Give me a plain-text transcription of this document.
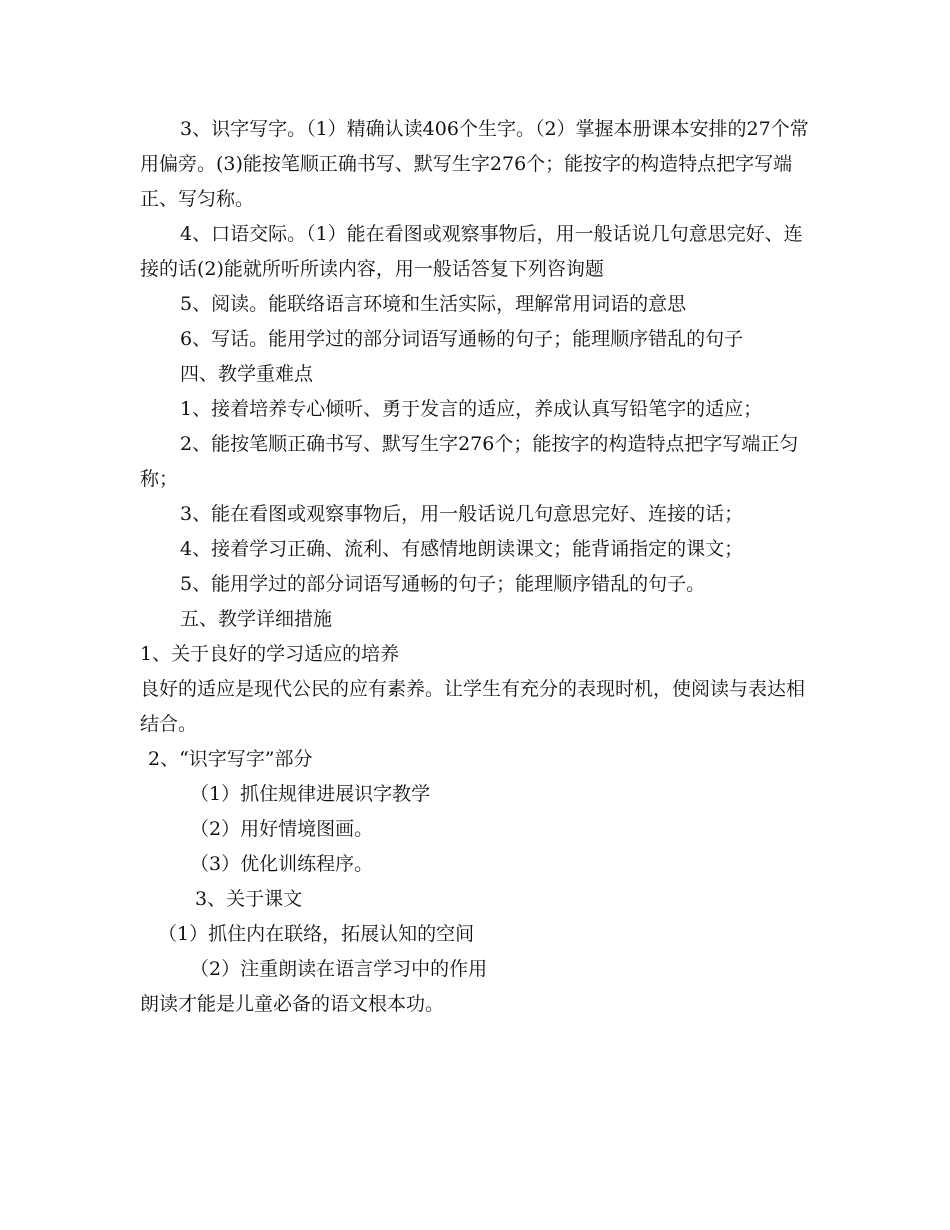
3、识字写字。（1）精确认读406个生字。（2）掌握本册课本安排的27个常用偏旁。(3)能按笔顺正确书写、默写生字276个；能按字的构造特点把字写端正、写匀称。

4、口语交际。（1）能在看图或观察事物后，用一般话说几句意思完好、连接的话(2)能就所听所读内容，用一般话答复下列咨询题

5、阅读。能联络语言环境和生活实际，理解常用词语的意思

6、写话。能用学过的部分词语写通畅的句子；能理顺序错乱的句子

四、教学重难点

1、接着培养专心倾听、勇于发言的适应，养成认真写铅笔字的适应；

2、能按笔顺正确书写、默写生字276个；能按字的构造特点把字写端正匀称；

3、能在看图或观察事物后，用一般话说几句意思完好、连接的话；

4、接着学习正确、流利、有感情地朗读课文；能背诵指定的课文；

5、能用学过的部分词语写通畅的句子；能理顺序错乱的句子。

五、教学详细措施

1、关于良好的学习适应的培养

良好的适应是现代公民的应有素养。让学生有充分的表现时机，使阅读与表达相结合。

2、“识字写字”部分

（1）抓住规律进展识字教学

（2）用好情境图画。

（3）优化训练程序。

3、关于课文

（1）抓住内在联络，拓展认知的空间

（2）注重朗读在语言学习中的作用

朗读才能是儿童必备的语文根本功。
